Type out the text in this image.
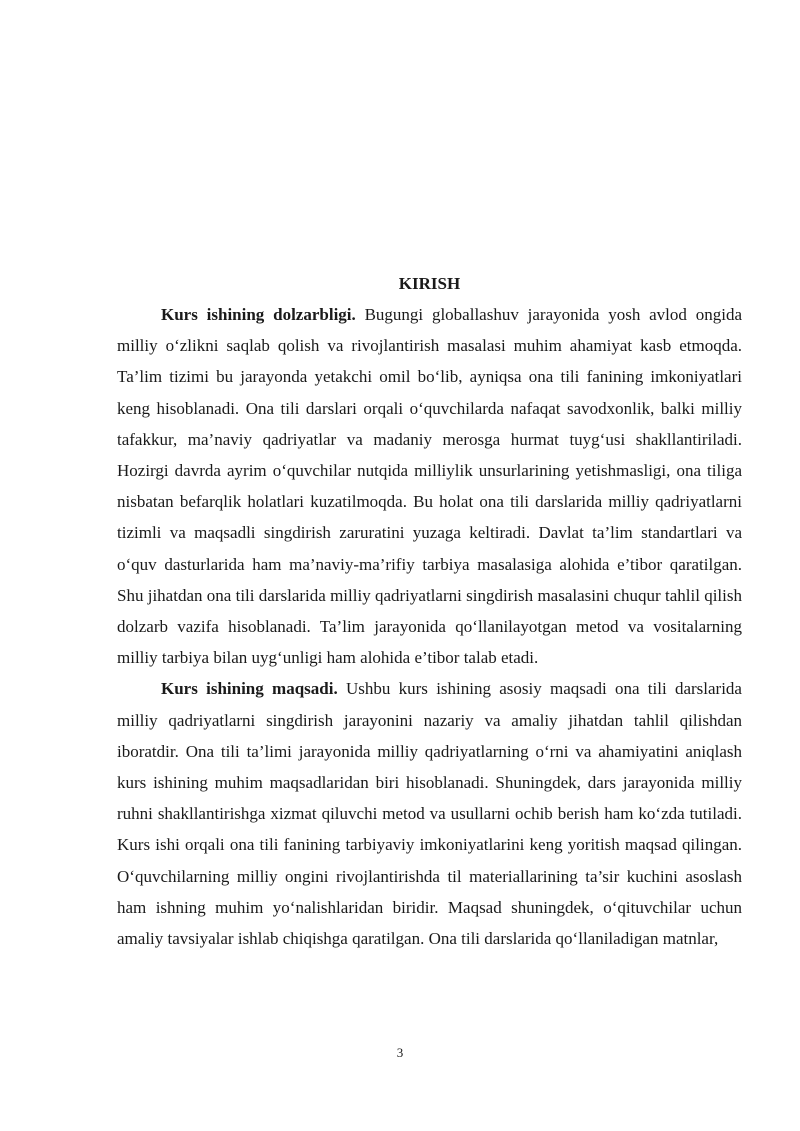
KIRISH

Kurs ishining dolzarbligi. Bugungi globallashuv jarayonida yosh avlod ongida milliy o‘zlikni saqlab qolish va rivojlantirish masalasi muhim ahamiyat kasb etmoqda. Ta’lim tizimi bu jarayonda yetakchi omil bo‘lib, ayniqsa ona tili fanining imkoniyatlari keng hisoblanadi. Ona tili darslari orqali o‘quvchilarda nafaqat savodxonlik, balki milliy tafakkur, ma’naviy qadriyatlar va madaniy merosga hurmat tuyg‘usi shakllantiriladi. Hozirgi davrda ayrim o‘quvchilar nutqida milliylik unsurlarining yetishmasligi, ona tiliga nisbatan befarqlik holatlari kuzatilmoqda. Bu holat ona tili darslarida milliy qadriyatlarni tizimli va maqsadli singdirish zaruratini yuzaga keltiradi. Davlat ta’lim standartlari va o‘quv dasturlarida ham ma’naviy-ma’rifiy tarbiya masalasiga alohida e’tibor qaratilgan. Shu jihatdan ona tili darslarida milliy qadriyatlarni singdirish masalasini chuqur tahlil qilish dolzarb vazifa hisoblanadi. Ta’lim jarayonida qo‘llanilayotgan metod va vositalarning milliy tarbiya bilan uyg‘unligi ham alohida e’tibor talab etadi.

Kurs ishining maqsadi. Ushbu kurs ishining asosiy maqsadi ona tili darslarida milliy qadriyatlarni singdirish jarayonini nazariy va amaliy jihatdan tahlil qilishdan iboratdir. Ona tili ta’limi jarayonida milliy qadriyatlarning o‘rni va ahamiyatini aniqlash kurs ishining muhim maqsadlaridan biri hisoblanadi. Shuningdek, dars jarayonida milliy ruhni shakllantirishga xizmat qiluvchi metod va usullarni ochib berish ham ko‘zda tutiladi. Kurs ishi orqali ona tili fanining tarbiyaviy imkoniyatlarini keng yoritish maqsad qilingan. O‘quvchilarning milliy ongini rivojlantirishda til materiallarining ta’sir kuchini asoslash ham ishning muhim yo‘nalishlaridan biridir. Maqsad shuningdek, o‘qituvchilar uchun amaliy tavsiyalar ishlab chiqishga qaratilgan. Ona tili darslarida qo‘llaniladigan matnlar,

3
